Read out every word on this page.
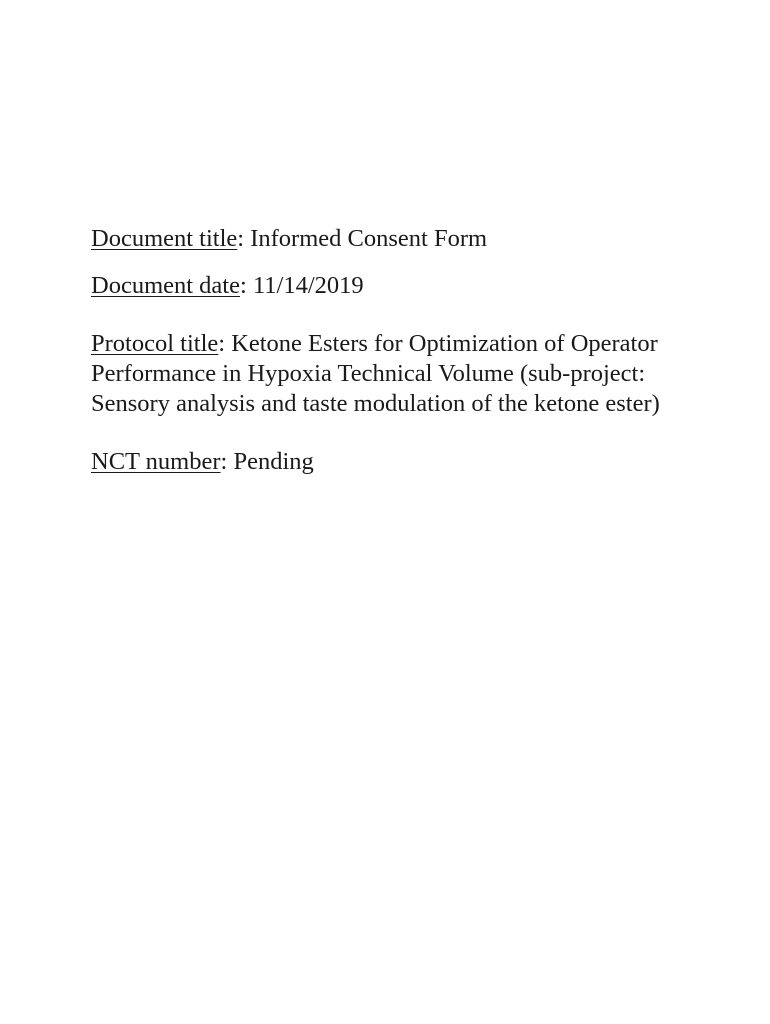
Document title: Informed Consent Form

Document date: 11/14/2019

Protocol title: Ketone Esters for Optimization of Operator Performance in Hypoxia Technical Volume (sub-project: Sensory analysis and taste modulation of the ketone ester)

NCT number: Pending
